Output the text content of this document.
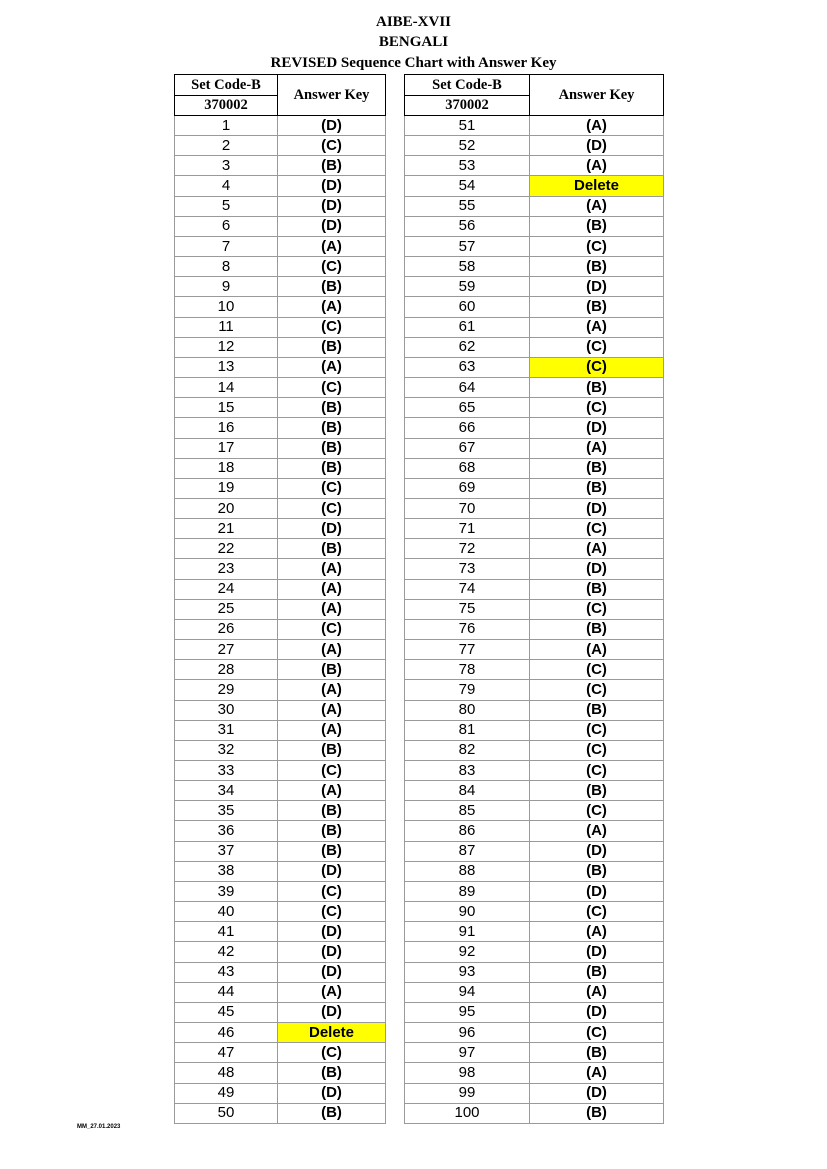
AIBE-XVII
BENGALI
REVISED Sequence Chart with Answer Key
Set Code-B	Answer Key
370002	
1	(D)
2	(C)
3	(B)
4	(D)
5	(D)
6	(D)
7	(A)
8	(C)
9	(B)
10	(A)
11	(C)
12	(B)
13	(A)
14	(C)
15	(B)
16	(B)
17	(B)
18	(B)
19	(C)
20	(C)
21	(D)
22	(B)
23	(A)
24	(A)
25	(A)
26	(C)
27	(A)
28	(B)
29	(A)
30	(A)
31	(A)
32	(B)
33	(C)
34	(A)
35	(B)
36	(B)
37	(B)
38	(D)
39	(C)
40	(C)
41	(D)
42	(D)
43	(D)
44	(A)
45	(D)
46	Delete
47	(C)
48	(B)
49	(D)
50	(B)
Set Code-B	Answer Key
370002	
51	(A)
52	(D)
53	(A)
54	Delete
55	(A)
56	(B)
57	(C)
58	(B)
59	(D)
60	(B)
61	(A)
62	(C)
63	(C)
64	(B)
65	(C)
66	(D)
67	(A)
68	(B)
69	(B)
70	(D)
71	(C)
72	(A)
73	(D)
74	(B)
75	(C)
76	(B)
77	(A)
78	(C)
79	(C)
80	(B)
81	(C)
82	(C)
83	(C)
84	(B)
85	(C)
86	(A)
87	(D)
88	(B)
89	(D)
90	(C)
91	(A)
92	(D)
93	(B)
94	(A)
95	(D)
96	(C)
97	(B)
98	(A)
99	(D)
100	(B)
MM_27.01.2023
